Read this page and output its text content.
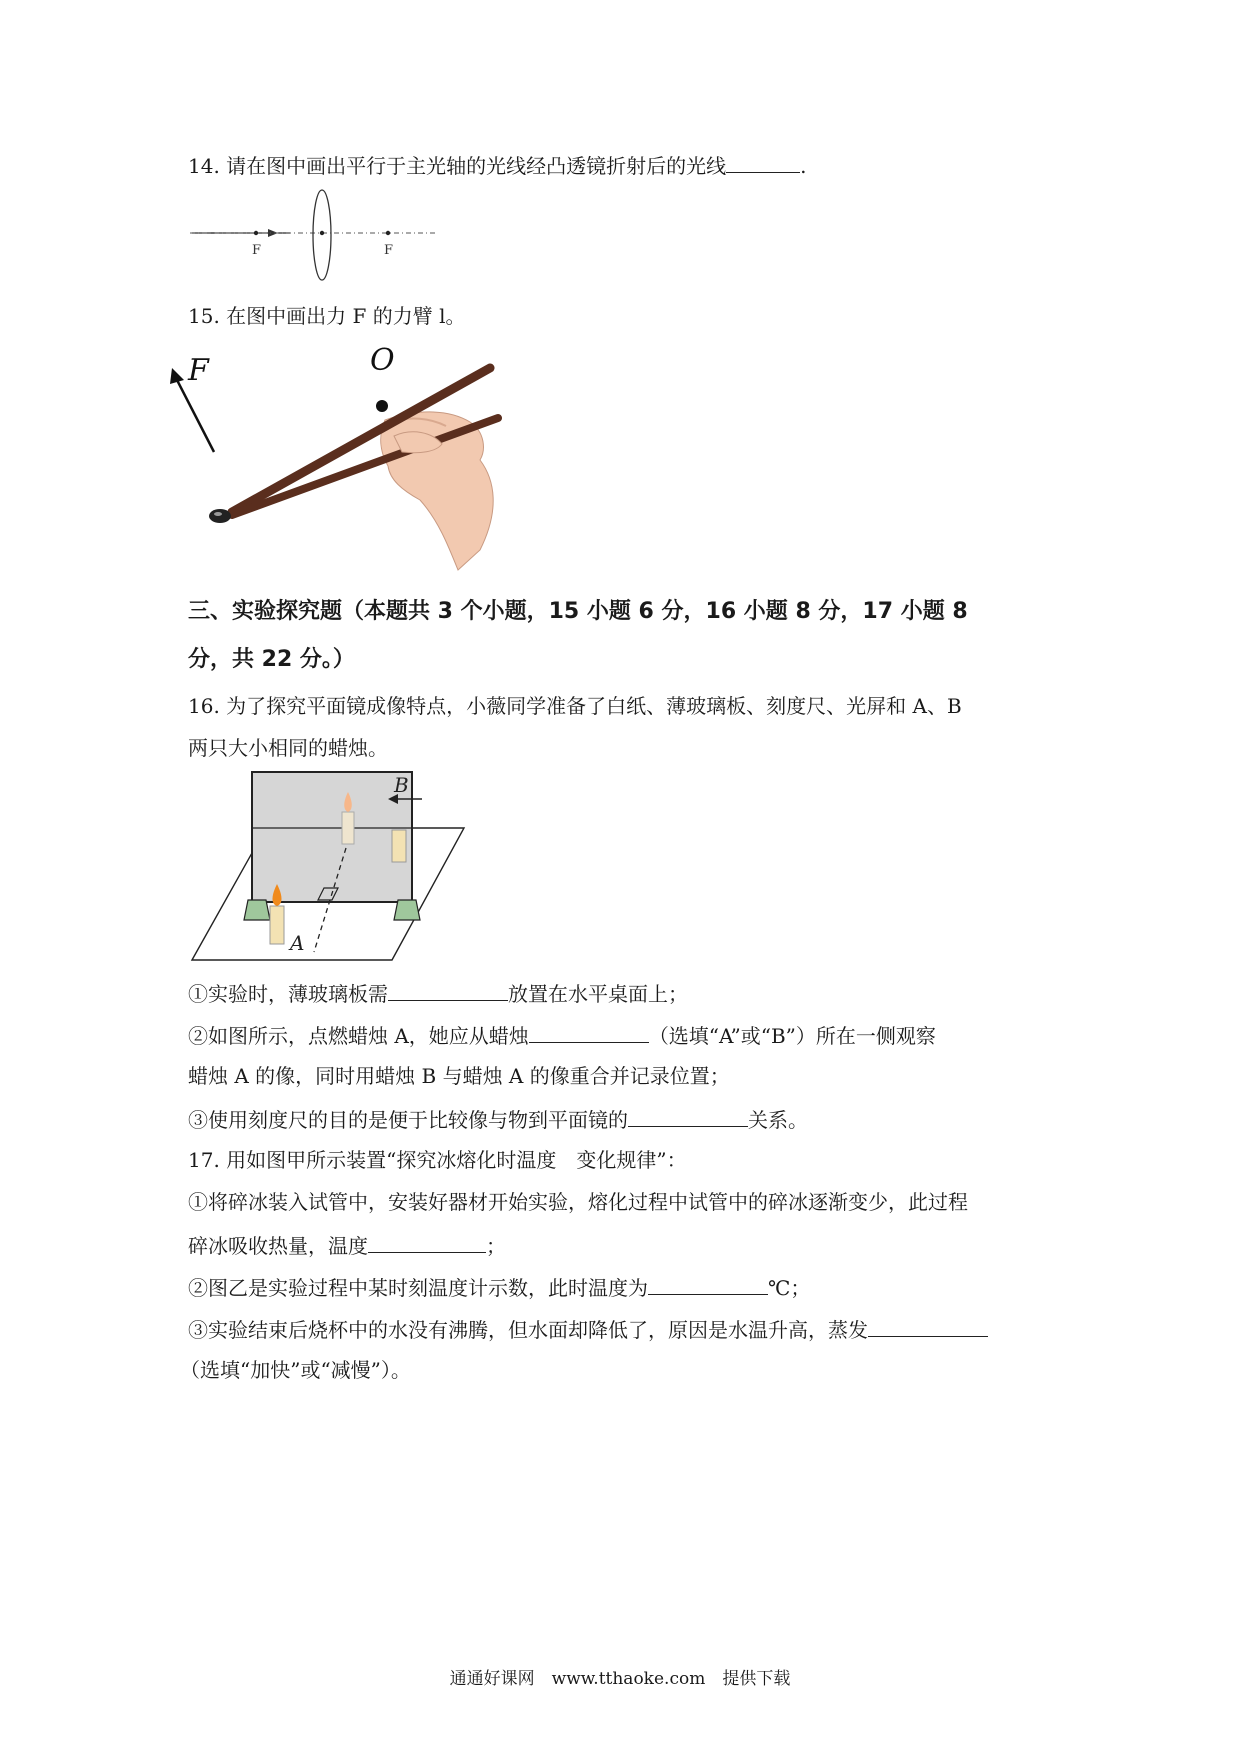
14. 请在图中画出平行于主光轴的光线经凸透镜折射后的光线	.
F	F
15. 在图中画出力 F 的力臂 l。
O
F
三、实验探究题（本题共 3 个小题，15 小题 6 分，16 小题 8 分，17 小题 8
分，共 22 分。）
16. 为了探究平面镜成像特点，小薇同学准备了白纸、薄玻璃板、刻度尺、光屏和 A、B
两只大小相同的蜡烛。
A
B
①实验时，薄玻璃板需	放置在水平桌面上；
②如图所示，点燃蜡烛 A，她应从蜡烛	（选填“A”或“B”）所在一侧观察
蜡烛 A 的像，同时用蜡烛 B 与蜡烛 A 的像重合并记录位置；
③使用刻度尺的目的是便于比较像与物到平面镜的	关系。
17. 用如图甲所示装置“探究冰熔化时温度　变化规律”：
①将碎冰装入试管中，安装好器材开始实验，熔化过程中试管中的碎冰逐渐变少，此过程
碎冰吸收热量，温度	；
②图乙是实验过程中某时刻温度计示数，此时温度为	℃；
③实验结束后烧杯中的水没有沸腾，但水面却降低了，原因是水温升高，蒸发
（选填“加快”或“减慢”）。
通通好课网　www.tthaoke.com　提供下载
